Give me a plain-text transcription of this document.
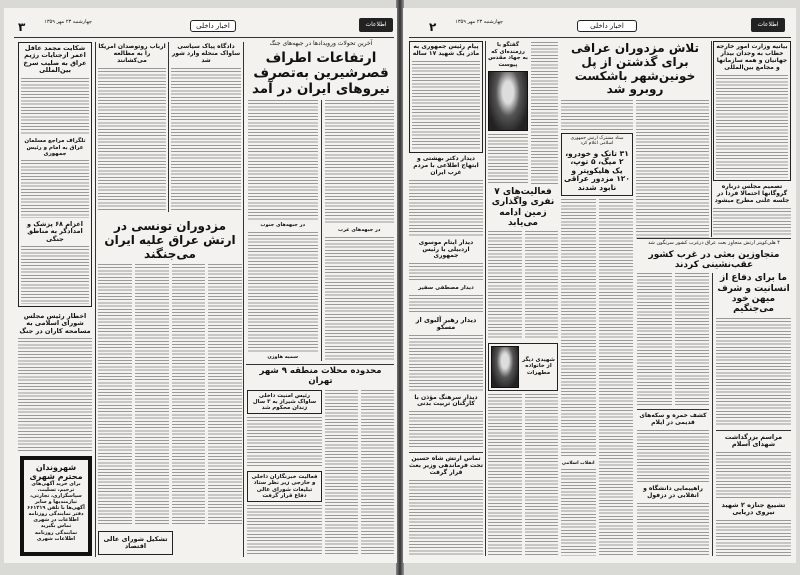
۳	چهارشنبه ۲۳ مهر ۱۳۵۹	اخبار داخلی	اطلاعات
شکایت مجمد عاقل اعمر ازجنایات رژیم عراق به صلیب سرخ بین‌المللی
تلگراف مراجع مسلمان عراق به امام و رئیس جمهوری
اعزام ۶۸ پزشک و امدادگر به مناطق جنگی
اخطار رئیس مجلس شورای اسلامی به مسامحه کاران در جنگ
شهروندان محترم شهری
برای خرید آگهی‌های ترحیم، تسلیت، سپاسگزاری، تجارتی، نیازمندیها و سایر آگهی‌ها با تلفن ۶۶۱۲۱۹ دفتر نمایندگی روزنامه اطلاعات در شهری تماس بگیرید
نمایندگی روزنامه اطلاعات شهری
ارباب روتوصدان امریکا را به مطالعه می‌کشانند
دادگاه پیاک سیاسی ساواک منحله وارد شور شد
مزدوران تونسی در ارتش عراق علیه ایران می‌جنگند
تشکیل شورای عالی اقتصاد
آخرین تحولات ورویدادها در جبهه‌های جنگ
ارتفاعات اطراف قصرشیرین به‌تصرف نیروهای ایران در آمد
در جبهه‌های جنوب
سمیه هاوزن
در جبهه‌های غرب
محدوده محلات منطقه ۹ شهر تهران
رئیس امنیت داخلی ساواک شیراز به ۳ سال زندان محکوم شد
فعالیت خبرنگاران داخلی و خارجی زیر نظر ستاد تبلیغات شورای عالی دفاع قرار گرفت
۲	چهارشنبه ۲۳ مهر ۱۳۵۹	اخبار داخلی	اطلاعات
پیام رئیس جمهوری به مادر یک شهید ۱۷ ساله
دیدار دکتر بهشتی و ابتهاج اطلاعی با مردم غرب ایران
دیدار ایتام موسوی اردبیلی با رئیس جمهوری
دیدار مصطفی سفیر
دیدار رهبر آلبوی از مسکو
دیدار سرهنگ مؤذن با کارکنان تربیت بدنی
تماس ارتش شاه حسین تحت فرماندهی وزیر بعث قرار گرفت
گفتگو با رزمنده‌ای که به جهاد مقدس پیوست
فعالیت‌های ۷ نفری واگذاری زمین ادامه می‌یابد
شهیدی دیگر از خانواده مطهرات
تلاش مزدوران عراقی برای گذشتن از پل خونین‌شهر باشکست روبرو شد
ستاد مشترک ارتش جمهوری اسلامی اعلام کرد
۳۱ تانک و خودرو، ۲ میگ، ۵ توپ، یک هلیکوپتر و ۱۲۰ مزدور عراقی نابود شدند
انقلاب اسلامی
بیانیه وزارت امور خارجه خطاب به وجدان بیدار جهانیان و همه سازمانها و مجامع بین‌المللی
تصمیم مجلس درباره گروگانها احتمالا فردا در جلسه علنی مطرح میشود
۴ هلی‌کوپتر ارتش متجاوز بعث عراق درغرب کشور سرنگون شد
متجاوزین بعثی در غرب کشور عقب‌نشینی کردند
کشف خمره و سکه‌های قدیمی در ایلام
راهپیمایی دانشگاه و انقلابی در دزفول
ما برای دفاع از انسانیت و شرف میهن خود می‌جنگیم
مراسم بزرگداشت شهدای اسلام
تشییع جنازه ۲ شهید نیروی دریایی
